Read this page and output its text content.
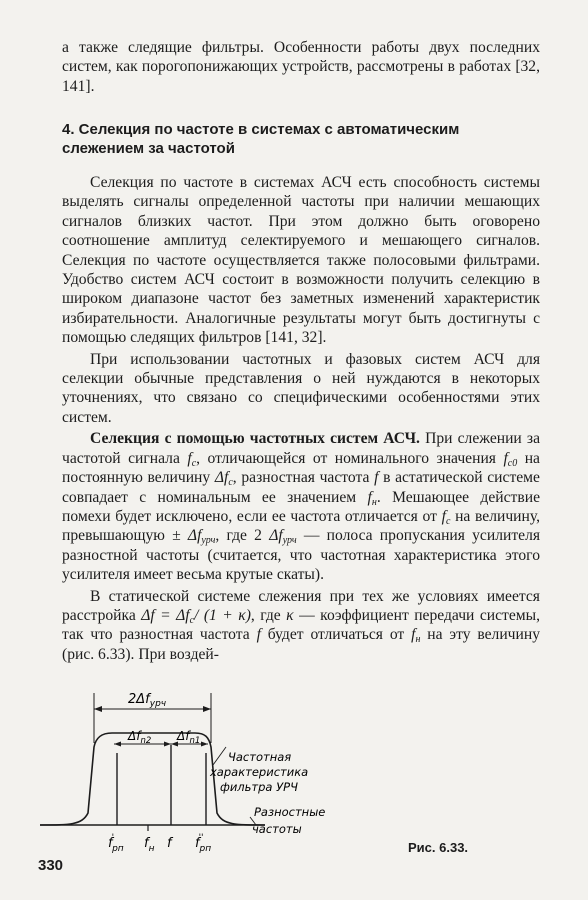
а также следящие фильтры. Особенности работы двух последних систем, как порогопонижающих устройств, рассмотрены в работах [32, 141].

4. Селекция по частоте в системах с автоматическим слежением за частотой

Селекция по частоте в системах АСЧ есть способность системы выделять сигналы определенной частоты при наличии мешающих сигналов близких частот. При этом должно быть оговорено соотношение амплитуд селектируемого и мешающего сигналов. Селекция по частоте осуществляется также полосовыми фильтрами. Удобство систем АСЧ состоит в возможности получить селекцию в широком диапазоне частот без заметных изменений характеристик избирательности. Аналогичные результаты могут быть достигнуты с помощью следящих фильтров [141, 32].

При использовании частотных и фазовых систем АСЧ для селекции обычные представления о ней нуждаются в некоторых уточнениях, что связано со специфическими особенностями этих систем.

Селекция с помощью частотных систем АСЧ. При слежении за частотой сигнала $f_c$, отличающейся от номинального значения $f_{c0}$ на постоянную величину $\Delta f_c$, разностная частота f в астатической системе совпадает с номинальным ее значением $f_н$. Мешающее действие помехи будет исключено, если ее частота отличается от $f_c$ на величину, превышающую ± $\Delta f_{урч}$, где 2 $\Delta f_{урч}$ — полоса пропускания усилителя разностной частоты (считается, что частотная характеристика этого усилителя имеет весьма крутые скаты).

В статической системе слежения при тех же условиях имеется расстройка $\Delta f = \Delta f_c/$ (1 + κ), где κ — коэффициент передачи системы, так что разностная частота f будет отличаться от $f_н$ на эту величину (рис. 6.33). При воздей-

$2\Delta f_{урч}$
$\Delta f_{n2}$ $\Delta f_{n1}$
f' рп $f_н$ f f'' рп
Частотная
характеристика
фильтра УРЧ
Разностные
частоты
Рис. 6.33.
330
